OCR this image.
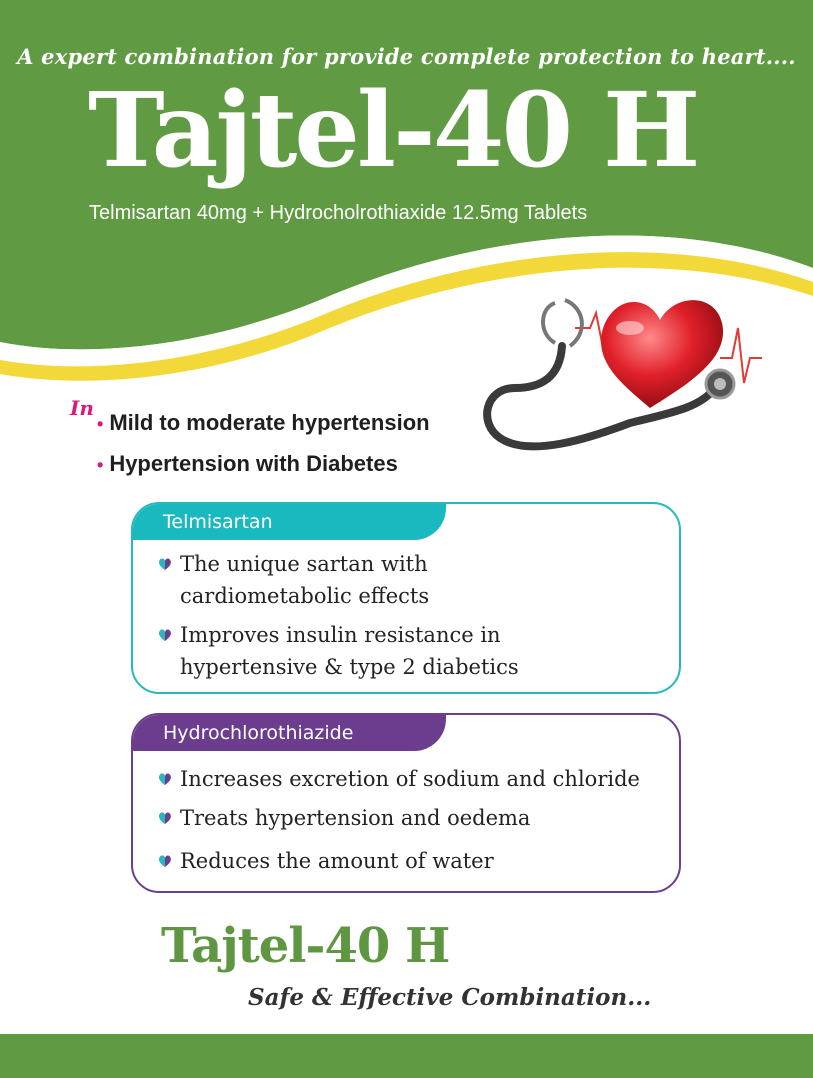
A expert combination for provide complete protection to heart....
Tajtel-40 H
Telmisartan 40mg + Hydrocholrothiaxide 12.5mg Tablets
In
• Mild to moderate hypertension
• Hypertension with Diabetes
Telmisartan
The unique sartan with
cardiometabolic effects
Improves insulin resistance in
hypertensive & type 2 diabetics
Hydrochlorothiazide
Increases excretion of sodium and chloride
Treats hypertension and oedema
Reduces the amount of water
Tajtel-40 H
Safe & Effective Combination...
